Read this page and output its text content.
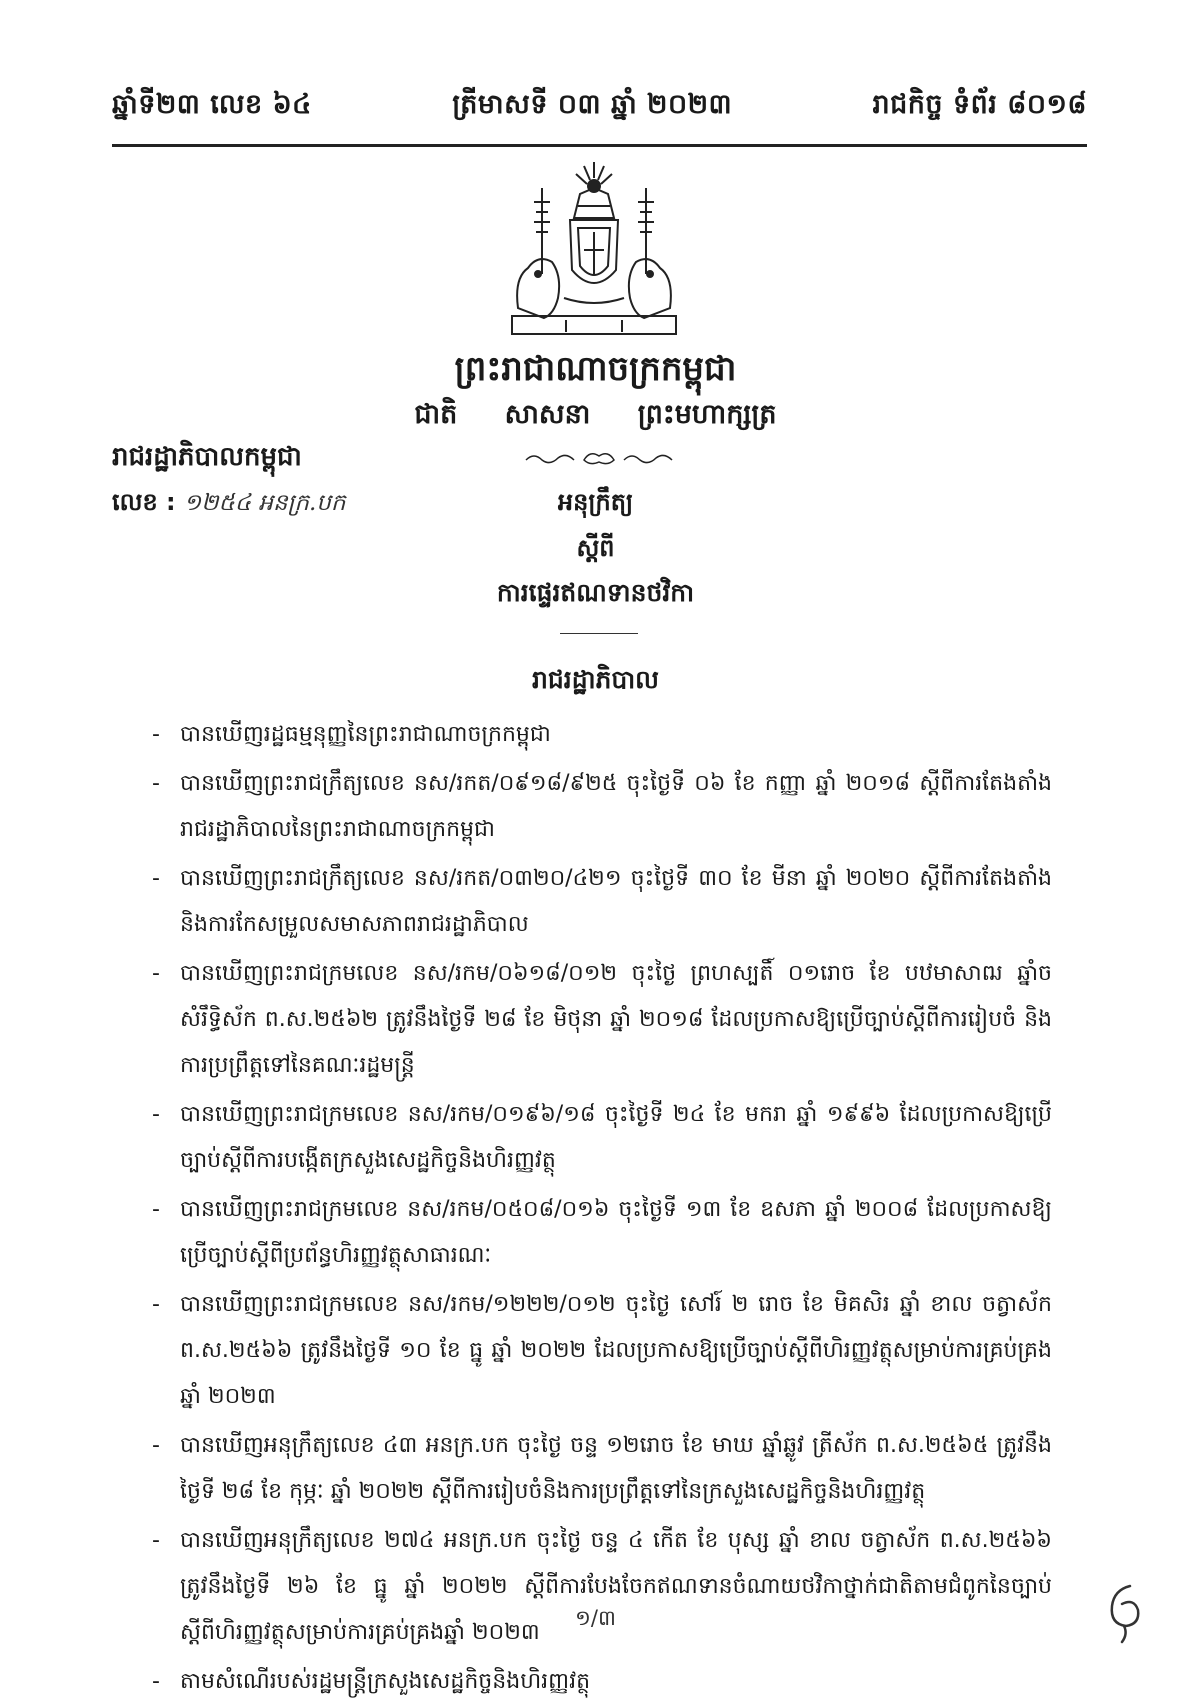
ឆ្នាំទី២៣ លេខ ៦៤	ត្រីមាសទី ០៣ ឆ្នាំ ២០២៣	រាជកិច្ច ទំព័រ ៨០១៨
ព្រះរាជាណាចក្រកម្ពុជា
ជាតិ សាសនា ព្រះមហាក្សត្រ
រាជរដ្ឋាភិបាលកម្ពុជា
លេខ : ១២៥៤ អនក្រ.បក	អនុក្រឹត្យ
ស្តីពី
ការផ្ទេរឥណទានថវិកា
រាជរដ្ឋាភិបាល
- បានឃើញរដ្ឋធម្មនុញ្ញនៃព្រះរាជាណាចក្រកម្ពុជា
- បានឃើញព្រះរាជក្រឹត្យលេខ នស/រកត/០៩១៨/៩២៥ ចុះថ្ងៃទី ០៦ ខែ កញ្ញា ឆ្នាំ ២០១៨ ស្តីពីការតែងតាំងរាជរដ្ឋាភិបាលនៃព្រះរាជាណាចក្រកម្ពុជា
- បានឃើញព្រះរាជក្រឹត្យលេខ នស/រកត/០៣២០/៤២១ ចុះថ្ងៃទី ៣០ ខែ មីនា ឆ្នាំ ២០២០ ស្តីពីការតែងតាំងនិងការកែសម្រួលសមាសភាពរាជរដ្ឋាភិបាល
- បានឃើញព្រះរាជក្រមលេខ នស/រកម/០៦១៨/០១២ ចុះថ្ងៃ ព្រហស្បតិ៍ ០១រោច ខែ បឋមាសាឍ ឆ្នាំច សំរឹទ្ធិស័ក ព.ស.២៥៦២ ត្រូវនឹងថ្ងៃទី ២៨ ខែ មិថុនា ឆ្នាំ ២០១៨ ដែលប្រកាសឱ្យប្រើច្បាប់ស្តីពីការរៀបចំ និងការប្រព្រឹត្តទៅនៃគណៈរដ្ឋមន្ត្រី
- បានឃើញព្រះរាជក្រមលេខ នស/រកម/០១៩៦/១៨ ចុះថ្ងៃទី ២៤ ខែ មករា ឆ្នាំ ១៩៩៦ ដែលប្រកាសឱ្យប្រើច្បាប់ស្តីពីការបង្កើតក្រសួងសេដ្ឋកិច្ចនិងហិរញ្ញវត្ថុ
- បានឃើញព្រះរាជក្រមលេខ នស/រកម/០៥០៨/០១៦ ចុះថ្ងៃទី ១៣ ខែ ឧសភា ឆ្នាំ ២០០៨ ដែលប្រកាសឱ្យប្រើច្បាប់ស្តីពីប្រព័ន្ធហិរញ្ញវត្ថុសាធារណៈ
- បានឃើញព្រះរាជក្រមលេខ នស/រកម/១២២២/០១២ ចុះថ្ងៃ សៅរ៍ ២ រោច ខែ មិគសិរ ឆ្នាំ ខាល ចត្វាស័ក ព.ស.២៥៦៦ ត្រូវនឹងថ្ងៃទី ១០ ខែ ធ្នូ ឆ្នាំ ២០២២ ដែលប្រកាសឱ្យប្រើច្បាប់ស្តីពីហិរញ្ញវត្ថុសម្រាប់ការគ្រប់គ្រងឆ្នាំ ២០២៣
- បានឃើញអនុក្រឹត្យលេខ ៤៣ អនក្រ.បក ចុះថ្ងៃ ចន្ទ ១២រោច ខែ មាឃ ឆ្នាំឆ្លូវ ត្រីស័ក ព.ស.២៥៦៥ ត្រូវនឹងថ្ងៃទី ២៨ ខែ កុម្ភៈ ឆ្នាំ ២០២២ ស្តីពីការរៀបចំនិងការប្រព្រឹត្តទៅនៃក្រសួងសេដ្ឋកិច្ចនិងហិរញ្ញវត្ថុ
- បានឃើញអនុក្រឹត្យលេខ ២៧៤ អនក្រ.បក ចុះថ្ងៃ ចន្ទ ៤ កើត ខែ បុស្ស ឆ្នាំ ខាល ចត្វាស័ក ព.ស.២៥៦៦ ត្រូវនឹងថ្ងៃទី ២៦ ខែ ធ្នូ ឆ្នាំ ២០២២ ស្តីពីការបែងចែកឥណទានចំណាយថវិកាថ្នាក់ជាតិតាមជំពូកនៃច្បាប់ស្តីពីហិរញ្ញវត្ថុសម្រាប់ការគ្រប់គ្រងឆ្នាំ ២០២៣
- តាមសំណើរបស់រដ្ឋមន្ត្រីក្រសួងសេដ្ឋកិច្ចនិងហិរញ្ញវត្ថុ
១/៣
